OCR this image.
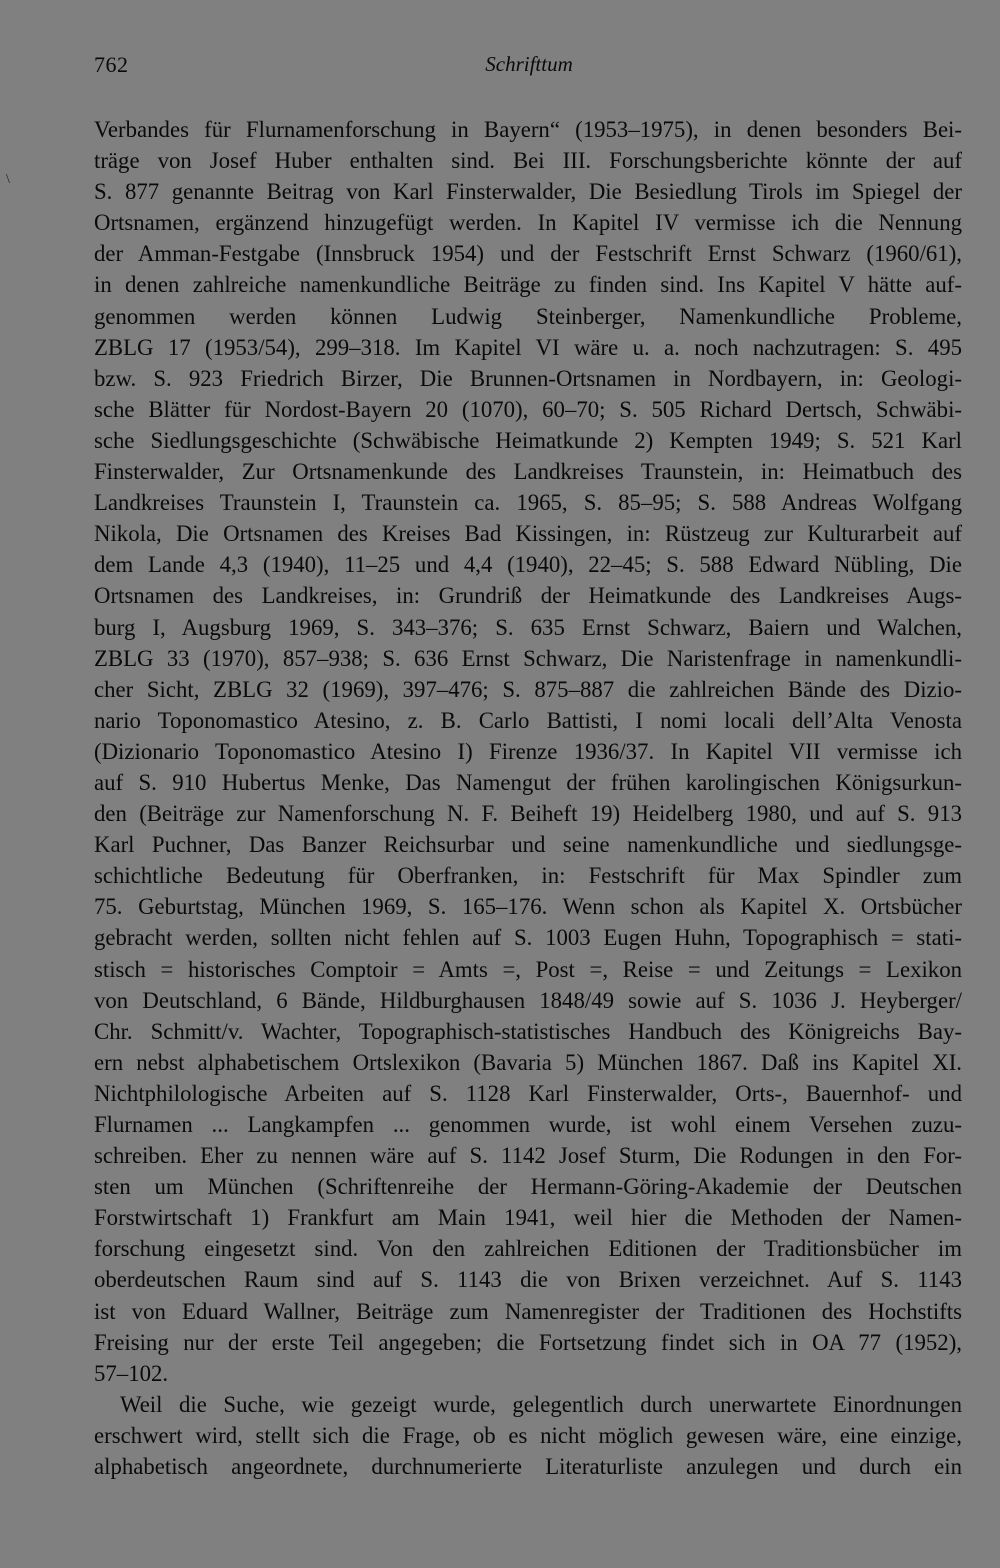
762	Schrifttum
\
Verbandes für Flurnamenforschung in Bayern“ (1953–1975), in denen besonders Bei-
träge von Josef Huber enthalten sind. Bei III. Forschungsberichte könnte der auf
S. 877 genannte Beitrag von Karl Finsterwalder, Die Besiedlung Tirols im Spiegel der
Ortsnamen, ergänzend hinzugefügt werden. In Kapitel IV vermisse ich die Nennung
der Amman-Festgabe (Innsbruck 1954) und der Festschrift Ernst Schwarz (1960/61),
in denen zahlreiche namenkundliche Beiträge zu finden sind. Ins Kapitel V hätte auf-
genommen werden können Ludwig Steinberger, Namenkundliche Probleme,
ZBLG 17 (1953/54), 299–318. Im Kapitel VI wäre u. a. noch nachzutragen: S. 495
bzw. S. 923 Friedrich Birzer, Die Brunnen-Ortsnamen in Nordbayern, in: Geologi-
sche Blätter für Nordost-Bayern 20 (1070), 60–70; S. 505 Richard Dertsch, Schwäbi-
sche Siedlungsgeschichte (Schwäbische Heimatkunde 2) Kempten 1949; S. 521 Karl
Finsterwalder, Zur Ortsnamenkunde des Landkreises Traunstein, in: Heimatbuch des
Landkreises Traunstein I, Traunstein ca. 1965, S. 85–95; S. 588 Andreas Wolfgang
Nikola, Die Ortsnamen des Kreises Bad Kissingen, in: Rüstzeug zur Kulturarbeit auf
dem Lande 4,3 (1940), 11–25 und 4,4 (1940), 22–45; S. 588 Edward Nübling, Die
Ortsnamen des Landkreises, in: Grundriß der Heimatkunde des Landkreises Augs-
burg I, Augsburg 1969, S. 343–376; S. 635 Ernst Schwarz, Baiern und Walchen,
ZBLG 33 (1970), 857–938; S. 636 Ernst Schwarz, Die Naristenfrage in namenkundli-
cher Sicht, ZBLG 32 (1969), 397–476; S. 875–887 die zahlreichen Bände des Dizio-
nario Toponomastico Atesino, z. B. Carlo Battisti, I nomi locali dell’Alta Venosta
(Dizionario Toponomastico Atesino I) Firenze 1936/37. In Kapitel VII vermisse ich
auf S. 910 Hubertus Menke, Das Namengut der frühen karolingischen Königsurkun-
den (Beiträge zur Namenforschung N. F. Beiheft 19) Heidelberg 1980, und auf S. 913
Karl Puchner, Das Banzer Reichsurbar und seine namenkundliche und siedlungsge-
schichtliche Bedeutung für Oberfranken, in: Festschrift für Max Spindler zum
75. Geburtstag, München 1969, S. 165–176. Wenn schon als Kapitel X. Ortsbücher
gebracht werden, sollten nicht fehlen auf S. 1003 Eugen Huhn, Topographisch = stati-
stisch = historisches Comptoir = Amts =, Post =, Reise = und Zeitungs = Lexikon
von Deutschland, 6 Bände, Hildburghausen 1848/49 sowie auf S. 1036 J. Heyberger/
Chr. Schmitt/v. Wachter, Topographisch-statistisches Handbuch des Königreichs Bay-
ern nebst alphabetischem Ortslexikon (Bavaria 5) München 1867. Daß ins Kapitel XI.
Nichtphilologische Arbeiten auf S. 1128 Karl Finsterwalder, Orts-, Bauernhof- und
Flurnamen ... Langkampfen ... genommen wurde, ist wohl einem Versehen zuzu-
schreiben. Eher zu nennen wäre auf S. 1142 Josef Sturm, Die Rodungen in den For-
sten um München (Schriftenreihe der Hermann-Göring-Akademie der Deutschen
Forstwirtschaft 1) Frankfurt am Main 1941, weil hier die Methoden der Namen-
forschung eingesetzt sind. Von den zahlreichen Editionen der Traditionsbücher im
oberdeutschen Raum sind auf S. 1143 die von Brixen verzeichnet. Auf S. 1143
ist von Eduard Wallner, Beiträge zum Namenregister der Traditionen des Hochstifts
Freising nur der erste Teil angegeben; die Fortsetzung findet sich in OA 77 (1952),
57–102.
Weil die Suche, wie gezeigt wurde, gelegentlich durch unerwartete Einordnungen
erschwert wird, stellt sich die Frage, ob es nicht möglich gewesen wäre, eine einzige,
alphabetisch angeordnete, durchnumerierte Literaturliste anzulegen und durch ein
